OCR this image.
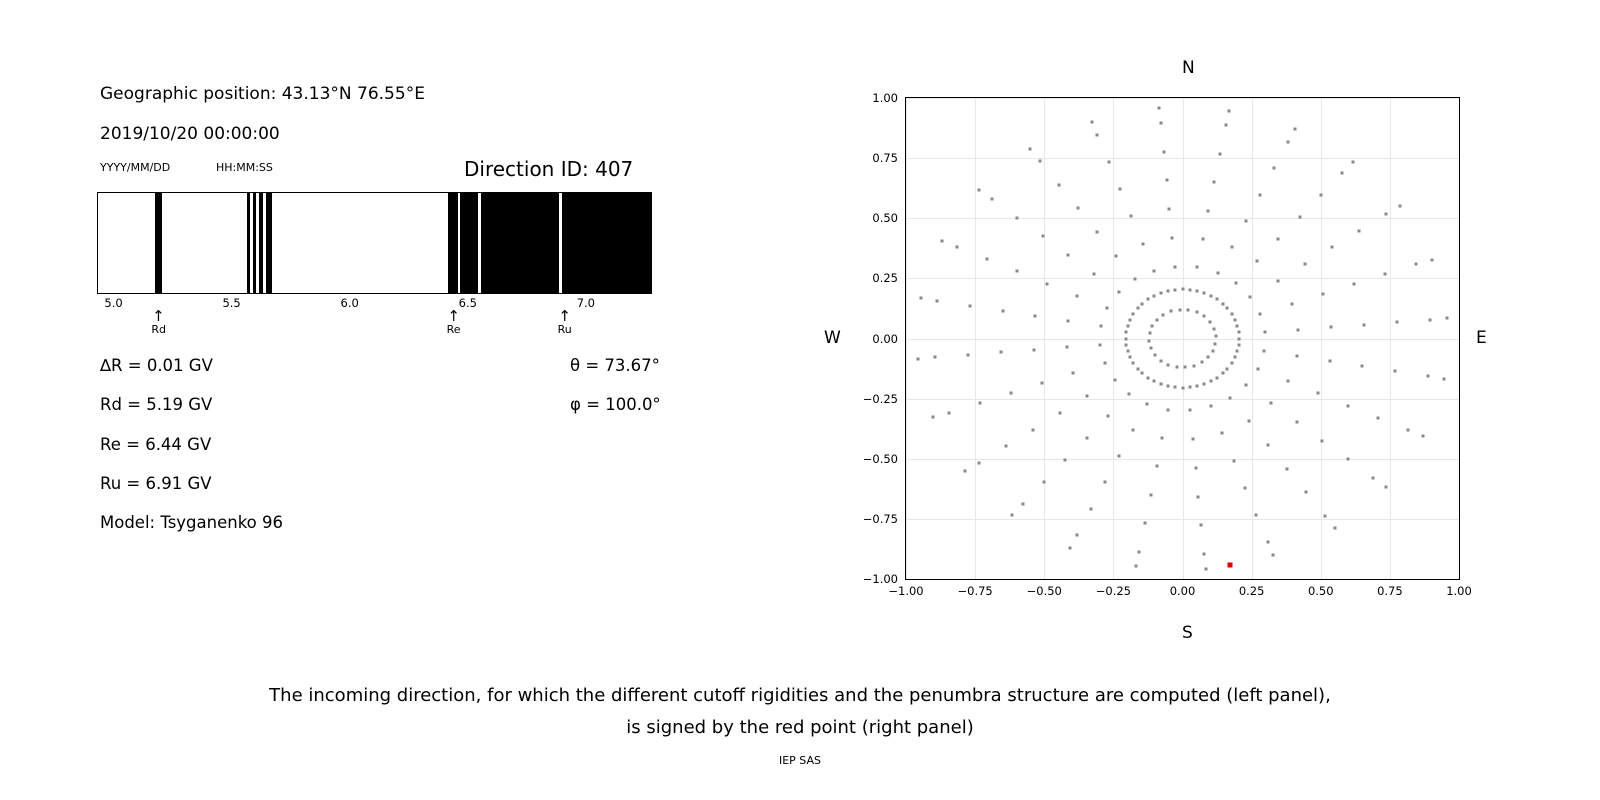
Geographic position: 43.13°N 76.55°E
2019/10/20 00:00:00
YYYY/MM/DD	HH:MM:SS	Direction ID: 407
5.0	5.5	6.0	6.5	7.0
↑
Rd
↑
Re
↑
Ru
∆R = 0.01 GV
Rd = 5.19 GV
Re = 6.44 GV
Ru = 6.91 GV
Model: Tsyganenko 96
θ = 73.67°
φ = 100.0°
N
S
W	E
−1.00	−0.75	−0.50	−0.25	0.00	0.25	0.50	0.75	1.00
−1.00
−0.75
−0.50
−0.25
0.00
0.25
0.50
0.75
1.00
The incoming direction, for which the different cutoff rigidities and the penumbra structure are computed (left panel),
is signed by the red point (right panel)
IEP SAS
